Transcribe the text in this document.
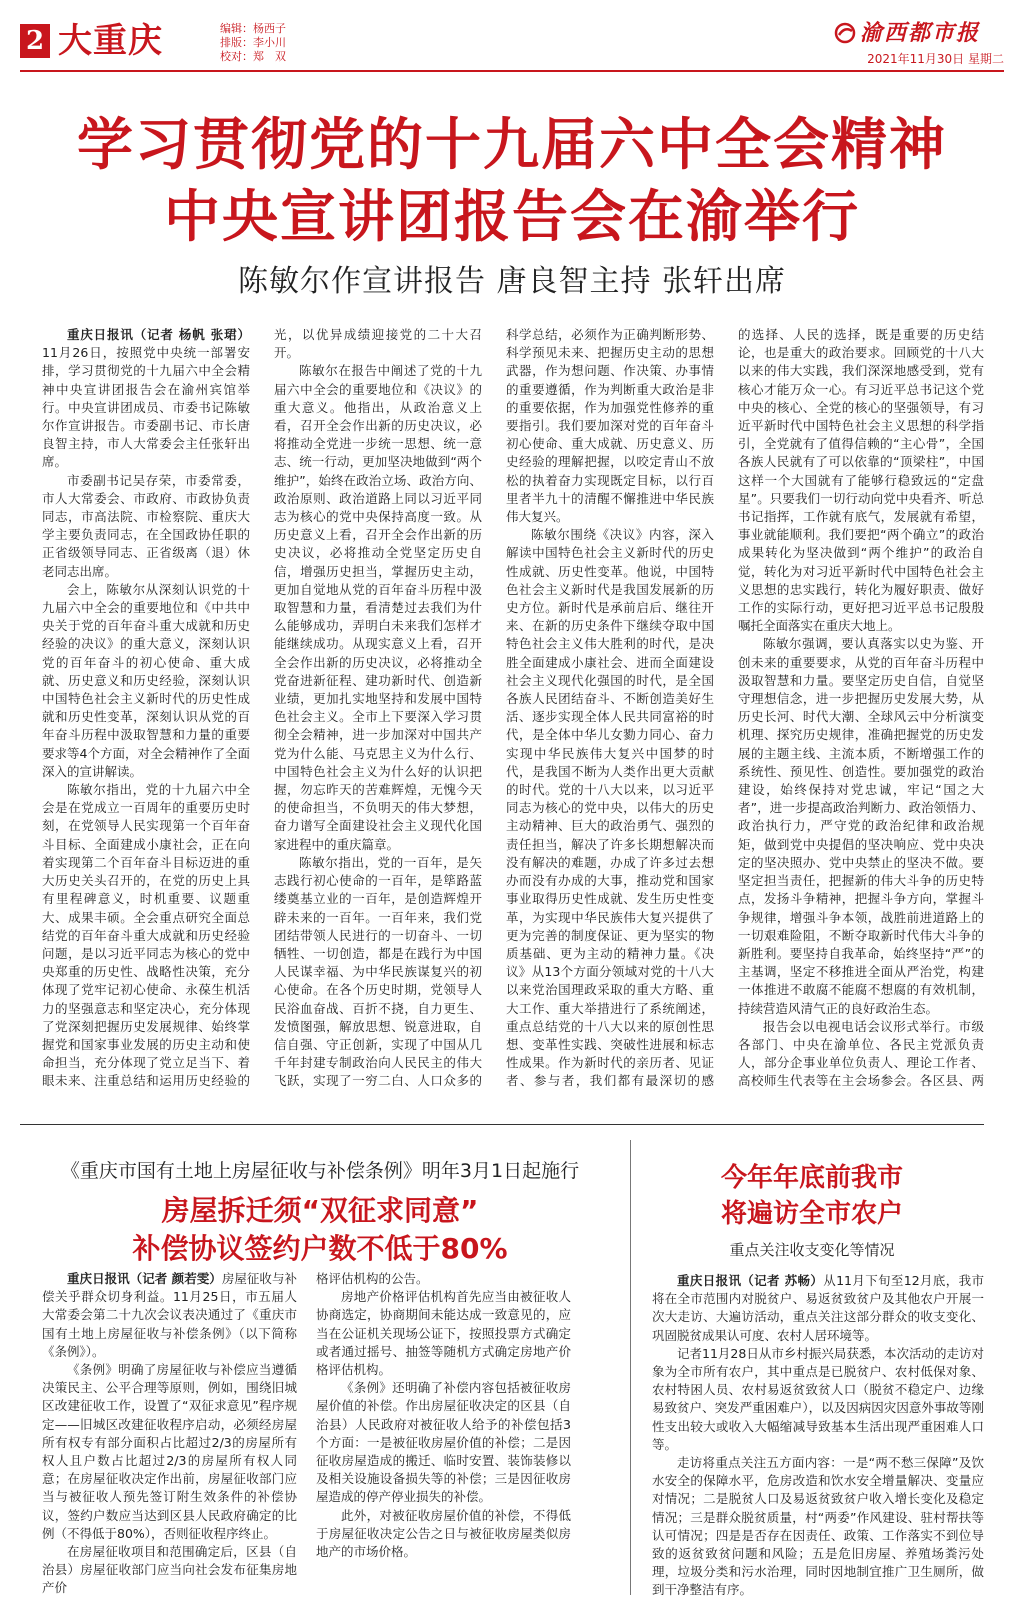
2 大重庆	编辑：杨西子
排版：李小川
校对：郑　双
渝西都市报
2021年11月30日 星期二
学习贯彻党的十九届六中全会精神
中央宣讲团报告会在渝举行
陈敏尔作宣讲报告 唐良智主持 张轩出席

重庆日报讯（记者 杨帆 张珺）11月26日，按照党中央统一部署安排，学习贯彻党的十九届六中全会精神中央宣讲团报告会在渝州宾馆举行。中央宣讲团成员、市委书记陈敏尔作宣讲报告。市委副书记、市长唐良智主持，市人大常委会主任张轩出席。

市委副书记吴存荣，市委常委，市人大常委会、市政府、市政协负责同志，市高法院、市检察院、重庆大学主要负责同志，在全国政协任职的正省级领导同志、正省级离（退）休老同志出席。

会上，陈敏尔从深刻认识党的十九届六中全会的重要地位和《中共中央关于党的百年奋斗重大成就和历史经验的决议》的重大意义，深刻认识党的百年奋斗的初心使命、重大成就、历史意义和历史经验，深刻认识中国特色社会主义新时代的历史性成就和历史性变革，深刻认识从党的百年奋斗历程中汲取智慧和力量的重要要求等4个方面，对全会精神作了全面深入的宣讲解读。

陈敏尔指出，党的十九届六中全会是在党成立一百周年的重要历史时刻，在党领导人民实现第一个百年奋斗目标、全面建成小康社会，正在向着实现第二个百年奋斗目标迈进的重大历史关头召开的，在党的历史上具有里程碑意义，时机重要、议题重大、成果丰硕。全会重点研究全面总结党的百年奋斗重大成就和历史经验问题，是以习近平同志为核心的党中央郑重的历史性、战略性决策，充分体现了党牢记初心使命、永葆生机活力的坚强意志和坚定决心，充分体现了党深刻把握历史发展规律、始终掌握党和国家事业发展的历史主动和使命担当，充分体现了党立足当下、着眼未来、注重总结和运用历史经验的

光，以优异成绩迎接党的二十大召开。

陈敏尔在报告中阐述了党的十九届六中全会的重要地位和《决议》的重大意义。他指出，从政治意义上看，召开全会作出新的历史决议，必将推动全党进一步统一思想、统一意志、统一行动，更加坚决地做到“两个维护”，始终在政治立场、政治方向、政治原则、政治道路上同以习近平同志为核心的党中央保持高度一致。从历史意义上看，召开全会作出新的历史决议，必将推动全党坚定历史自信，增强历史担当，掌握历史主动，更加自觉地从党的百年奋斗历程中汲取智慧和力量，看清楚过去我们为什么能够成功，弄明白未来我们怎样才能继续成功。从现实意义上看，召开全会作出新的历史决议，必将推动全党奋进新征程、建功新时代、创造新业绩，更加扎实地坚持和发展中国特色社会主义。全市上下要深入学习贯彻全会精神，进一步加深对中国共产党为什么能、马克思主义为什么行、中国特色社会主义为什么好的认识把握，勿忘昨天的苦难辉煌，无愧今天的使命担当，不负明天的伟大梦想，奋力谱写全面建设社会主义现代化国家进程中的重庆篇章。

陈敏尔指出，党的一百年，是矢志践行初心使命的一百年，是筚路蓝缕奠基立业的一百年，是创造辉煌开辟未来的一百年。一百年来，我们党团结带领人民进行的一切奋斗、一切牺牲、一切创造，都是在践行为中国人民谋幸福、为中华民族谋复兴的初心使命。在各个历史时期，党领导人民浴血奋战、百折不挠，自力更生、发愤图强，解放思想、锐意进取，自信自强、守正创新，实现了中国从几千年封建专制政治向人民民主的伟大飞跃，实现了一穷二白、人口众多的

科学总结，必须作为正确判断形势、科学预见未来、把握历史主动的思想武器，作为想问题、作决策、办事情的重要遵循，作为判断重大政治是非的重要依据，作为加强党性修养的重要指引。我们要加深对党的百年奋斗初心使命、重大成就、历史意义、历史经验的理解把握，以咬定青山不放松的执着奋力实现既定目标，以行百里者半九十的清醒不懈推进中华民族伟大复兴。

陈敏尔围绕《决议》内容，深入解读中国特色社会主义新时代的历史性成就、历史性变革。他说，中国特色社会主义新时代是我国发展新的历史方位。新时代是承前启后、继往开来、在新的历史条件下继续夺取中国特色社会主义伟大胜利的时代，是决胜全面建成小康社会、进而全面建设社会主义现代化强国的时代，是全国各族人民团结奋斗、不断创造美好生活、逐步实现全体人民共同富裕的时代，是全体中华儿女勠力同心、奋力实现中华民族伟大复兴中国梦的时代，是我国不断为人类作出更大贡献的时代。党的十八大以来，以习近平同志为核心的党中央，以伟大的历史主动精神、巨大的政治勇气、强烈的责任担当，解决了许多长期想解决而没有解决的难题，办成了许多过去想办而没有办成的大事，推动党和国家事业取得历史性成就、发生历史性变革，为实现中华民族伟大复兴提供了更为完善的制度保证、更为坚实的物质基础、更为主动的精神力量。《决议》从13个方面分领域对党的十八大以来党治国理政采取的重大方略、重大工作、重大举措进行了系统阐述，重点总结党的十八大以来的原创性思想、变革性实践、突破性进展和标志性成果。作为新时代的亲历者、见证者、参与者，我们都有最深切的感

的选择、人民的选择，既是重要的历史结论，也是重大的政治要求。回顾党的十八大以来的伟大实践，我们深深地感受到，党有核心才能万众一心。有习近平总书记这个党中央的核心、全党的核心的坚强领导，有习近平新时代中国特色社会主义思想的科学指引，全党就有了值得信赖的“主心骨”，全国各族人民就有了可以依靠的“顶梁柱”，中国这样一个大国就有了能够行稳致远的“定盘星”。只要我们一切行动向党中央看齐、听总书记指挥，工作就有底气，发展就有希望，事业就能顺利。我们要把“两个确立”的政治成果转化为坚决做到“两个维护”的政治自觉，转化为对习近平新时代中国特色社会主义思想的忠实践行，转化为履好职责、做好工作的实际行动，更好把习近平总书记殷殷嘱托全面落实在重庆大地上。

陈敏尔强调，要认真落实以史为鉴、开创未来的重要要求，从党的百年奋斗历程中汲取智慧和力量。要坚定历史自信，自觉坚守理想信念，进一步把握历史发展大势，从历史长河、时代大潮、全球风云中分析演变机理、探究历史规律，准确把握党的历史发展的主题主线、主流本质，不断增强工作的系统性、预见性、创造性。要加强党的政治建设，始终保持对党忠诚，牢记“国之大者”，进一步提高政治判断力、政治领悟力、政治执行力，严守党的政治纪律和政治规矩，做到党中央提倡的坚决响应、党中央决定的坚决照办、党中央禁止的坚决不做。要坚定担当责任，把握新的伟大斗争的历史特点，发扬斗争精神，把握斗争方向，掌握斗争规律，增强斗争本领，战胜前进道路上的一切艰难险阻，不断夺取新时代伟大斗争的新胜利。要坚持自我革命，始终坚持“严”的主基调，坚定不移推进全面从严治党，构建一体推进不敢腐不能腐不想腐的有效机制，持续营造风清气正的良好政治生态。

报告会以电视电话会议形式举行。市级各部门、中央在渝单位、各民主党派负责人，部分企事业单位负责人、理论工作者、高校师生代表等在主会场参会。各区县、两

《重庆市国有土地上房屋征收与补偿条例》明年3月1日起施行
房屋拆迁须“双征求同意”
补偿协议签约户数不低于80%

重庆日报讯（记者 颜若雯）房屋征收与补偿关乎群众切身利益。11月25日，市五届人大常委会第二十九次会议表决通过了《重庆市国有土地上房屋征收与补偿条例》（以下简称《条例》）。

《条例》明确了房屋征收与补偿应当遵循决策民主、公平合理等原则，例如，围绕旧城区改建征收工作，设置了“双征求意见”程序规定——旧城区改建征收程序启动，必须经房屋所有权专有部分面积占比超过2/3的房屋所有权人且户数占比超过2/3的房屋所有权人同意；在房屋征收决定作出前，房屋征收部门应当与被征收人预先签订附生效条件的补偿协议，签约户数应当达到区县人民政府确定的比例（不得低于80%），否则征收程序终止。

在房屋征收项目和范围确定后，区县（自治县）房屋征收部门应当向社会发布征集房地产价

格评估机构的公告。

房地产价格评估机构首先应当由被征收人协商选定，协商期间未能达成一致意见的，应当在公证机关现场公证下，按照投票方式确定或者通过摇号、抽签等随机方式确定房地产价格评估机构。

《条例》还明确了补偿内容包括被征收房屋价值的补偿。作出房屋征收决定的区县（自治县）人民政府对被征收人给予的补偿包括3个方面：一是被征收房屋价值的补偿；二是因征收房屋造成的搬迁、临时安置、装饰装修以及相关设施设备损失等的补偿；三是因征收房屋造成的停产停业损失的补偿。

此外，对被征收房屋价值的补偿，不得低于房屋征收决定公告之日与被征收房屋类似房地产的市场价格。

今年年底前我市
将遍访全市农户
重点关注收支变化等情况

重庆日报讯（记者 苏畅）从11月下旬至12月底，我市将在全市范围内对脱贫户、易返贫致贫户及其他农户开展一次大走访、大遍访活动，重点关注这部分群众的收支变化、巩固脱贫成果认可度、农村人居环境等。

记者11月28日从市乡村振兴局获悉，本次活动的走访对象为全市所有农户，其中重点是已脱贫户、农村低保对象、农村特困人员、农村易返贫致贫人口（脱贫不稳定户、边缘易致贫户、突发严重困难户），以及因病因灾因意外事故等刚性支出较大或收入大幅缩减导致基本生活出现严重困难人口等。

走访将重点关注五方面内容：一是“两不愁三保障”及饮水安全的保障水平，危房改造和饮水安全增量解决、变量应对情况；二是脱贫人口及易返贫致贫户收入增长变化及稳定情况；三是群众脱贫质量，村“两委”作风建设、驻村帮扶等认可情况；四是是否存在因责任、政策、工作落实不到位导致的返贫致贫问题和风险；五是危旧房屋、养殖场粪污处理，垃圾分类和污水治理，同时因地制宜推广卫生厕所，做到干净整洁有序。
